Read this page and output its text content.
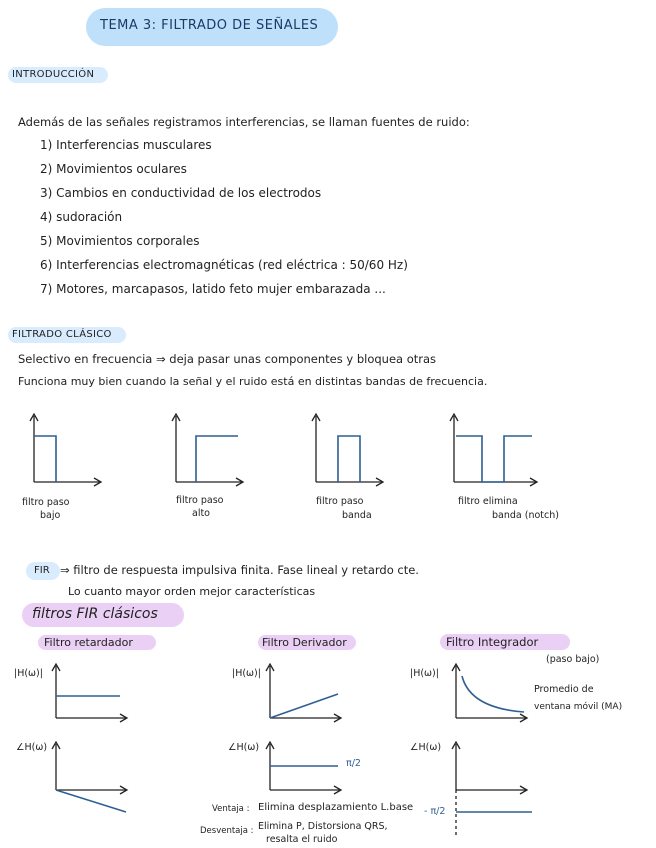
TEMA 3: FILTRADO DE SEÑALES
INTRODUCCIÓN
Además de las señales registramos interferencias, se llaman fuentes de ruido:
1) Interferencias musculares
2) Movimientos oculares
3) Cambios en conductividad de los electrodos
4) sudoración
5) Movimientos corporales
6) Interferencias electromagnéticas (red eléctrica : 50/60 Hz)
7) Motores, marcapasos, latido feto mujer embarazada ...
FILTRADO CLÁSICO
Selectivo en frecuencia ⇒ deja pasar unas componentes y bloquea otras
Funciona muy bien cuando la señal y el ruido está en distintas bandas de frecuencia.
filtro paso
bajo
filtro paso
alto
filtro paso
banda
filtro elimina
banda (notch)
FIR ⇒ filtro de respuesta impulsiva finita. Fase lineal y retardo cte.
Lo cuanto mayor orden mejor características
filtros FIR clásicos
Filtro retardador	Filtro Derivador	Filtro Integrador
(paso bajo)
|H(ω)|	|H(ω)|	|H(ω)|
Promedio de
ventana móvil (MA)
∠H(ω)	∠H(ω)
π/2
∠H(ω)
- π/2
Ventaja : Elimina desplazamiento L.base
Desventaja : Elimina P, Distorsiona QRS,
resalta el ruido
